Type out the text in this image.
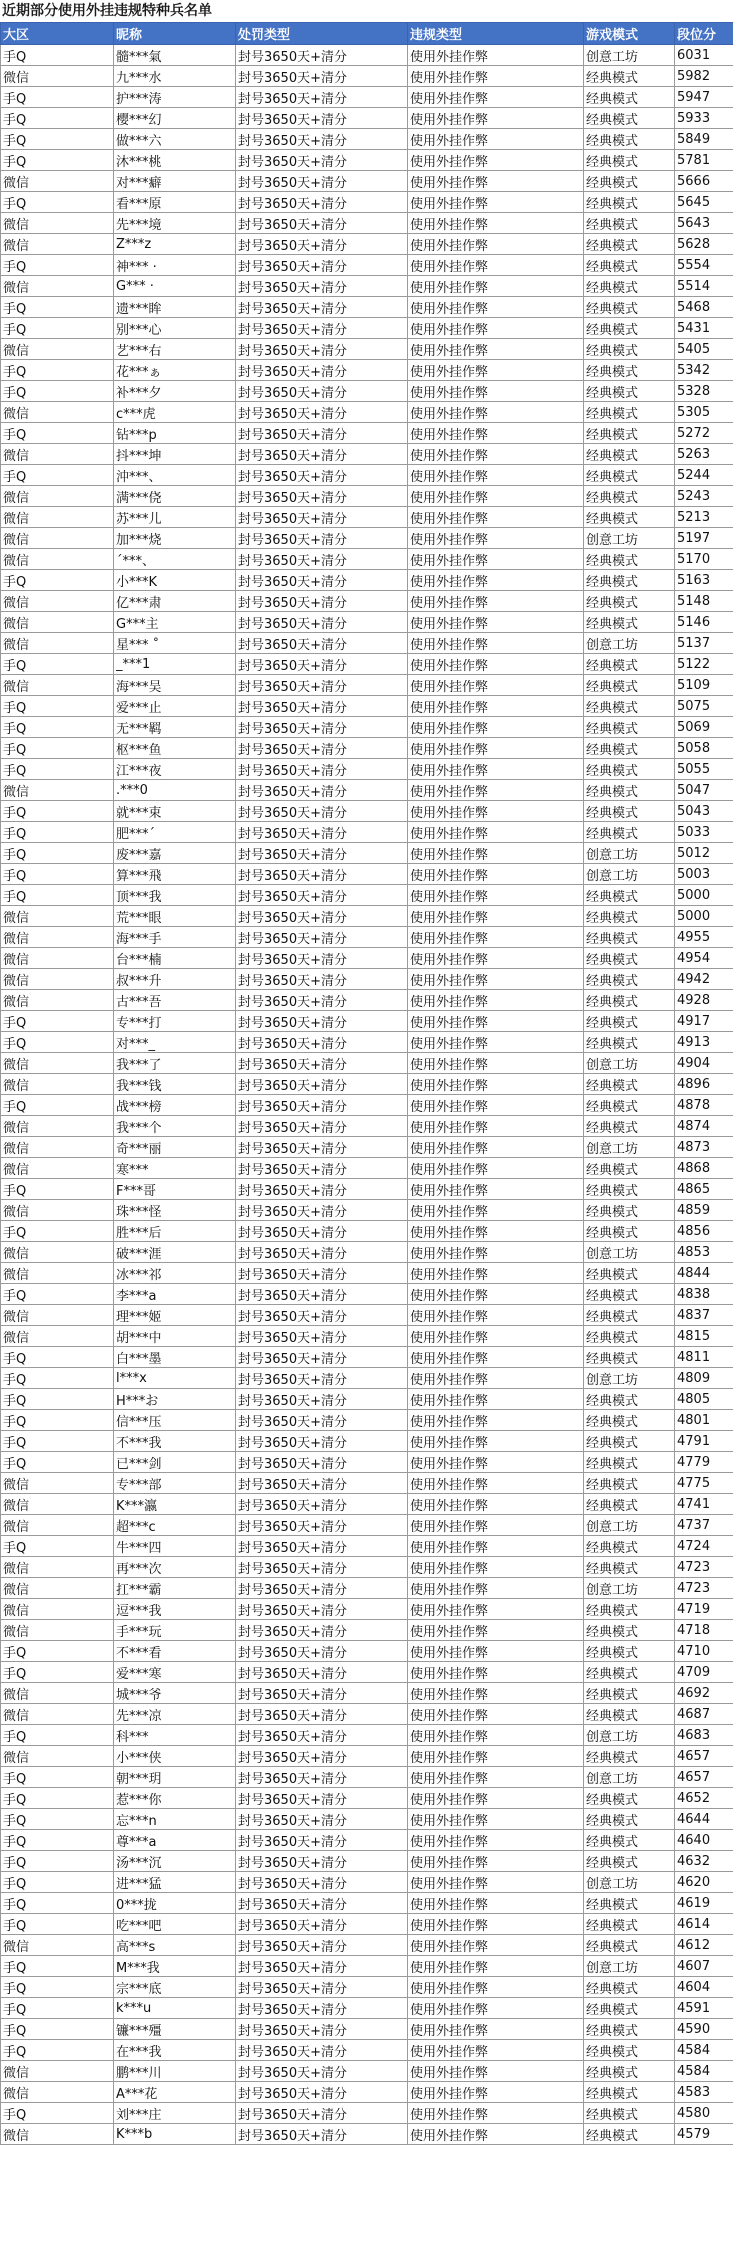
近期部分使用外挂违规特种兵名单
大区	昵称	处罚类型	违规类型	游戏模式	段位分
手Q	髓***氣	封号3650天+清分	使用外挂作弊	创意工坊	6031
微信	九***水	封号3650天+清分	使用外挂作弊	经典模式	5982
手Q	护***涛	封号3650天+清分	使用外挂作弊	经典模式	5947
手Q	樱***幻	封号3650天+清分	使用外挂作弊	经典模式	5933
手Q	做***六	封号3650天+清分	使用外挂作弊	经典模式	5849
手Q	沐***桃	封号3650天+清分	使用外挂作弊	经典模式	5781
微信	对***癖	封号3650天+清分	使用外挂作弊	经典模式	5666
手Q	看***原	封号3650天+清分	使用外挂作弊	经典模式	5645
微信	先***境	封号3650天+清分	使用外挂作弊	经典模式	5643
微信	Z***z	封号3650天+清分	使用外挂作弊	经典模式	5628
手Q	神*** ·	封号3650天+清分	使用外挂作弊	经典模式	5554
微信	G*** ·	封号3650天+清分	使用外挂作弊	经典模式	5514
手Q	遗***眸	封号3650天+清分	使用外挂作弊	经典模式	5468
手Q	别***心	封号3650天+清分	使用外挂作弊	经典模式	5431
微信	艺***右	封号3650天+清分	使用外挂作弊	经典模式	5405
手Q	花***ぁ	封号3650天+清分	使用外挂作弊	经典模式	5342
手Q	补***夕	封号3650天+清分	使用外挂作弊	经典模式	5328
微信	c***虎	封号3650天+清分	使用外挂作弊	经典模式	5305
手Q	钻***p	封号3650天+清分	使用外挂作弊	经典模式	5272
微信	抖***坤	封号3650天+清分	使用外挂作弊	经典模式	5263
手Q	沖***、	封号3650天+清分	使用外挂作弊	经典模式	5244
微信	满***侥	封号3650天+清分	使用外挂作弊	经典模式	5243
微信	苏***儿	封号3650天+清分	使用外挂作弊	经典模式	5213
微信	加***烧	封号3650天+清分	使用外挂作弊	创意工坊	5197
微信	ˊ***、	封号3650天+清分	使用外挂作弊	经典模式	5170
手Q	小***K	封号3650天+清分	使用外挂作弊	经典模式	5163
微信	亿***肃	封号3650天+清分	使用外挂作弊	经典模式	5148
微信	G***主	封号3650天+清分	使用外挂作弊	经典模式	5146
微信	星*** ˚	封号3650天+清分	使用外挂作弊	创意工坊	5137
手Q	_***1	封号3650天+清分	使用外挂作弊	经典模式	5122
微信	海***吴	封号3650天+清分	使用外挂作弊	经典模式	5109
手Q	爱***止	封号3650天+清分	使用外挂作弊	经典模式	5075
手Q	无***羁	封号3650天+清分	使用外挂作弊	经典模式	5069
手Q	枢***鱼	封号3650天+清分	使用外挂作弊	经典模式	5058
手Q	江***夜	封号3650天+清分	使用外挂作弊	经典模式	5055
微信	.***0	封号3650天+清分	使用外挂作弊	经典模式	5047
手Q	就***束	封号3650天+清分	使用外挂作弊	经典模式	5043
手Q	肥***ˊ	封号3650天+清分	使用外挂作弊	经典模式	5033
手Q	废***嘉	封号3650天+清分	使用外挂作弊	创意工坊	5012
手Q	算***飛	封号3650天+清分	使用外挂作弊	创意工坊	5003
手Q	顶***我	封号3650天+清分	使用外挂作弊	经典模式	5000
微信	荒***眼	封号3650天+清分	使用外挂作弊	经典模式	5000
微信	海***手	封号3650天+清分	使用外挂作弊	经典模式	4955
微信	台***楠	封号3650天+清分	使用外挂作弊	经典模式	4954
微信	叔***升	封号3650天+清分	使用外挂作弊	经典模式	4942
微信	古***吾	封号3650天+清分	使用外挂作弊	经典模式	4928
手Q	专***打	封号3650天+清分	使用外挂作弊	经典模式	4917
手Q	对***_	封号3650天+清分	使用外挂作弊	经典模式	4913
微信	我***了	封号3650天+清分	使用外挂作弊	创意工坊	4904
微信	我***钱	封号3650天+清分	使用外挂作弊	经典模式	4896
手Q	战***榜	封号3650天+清分	使用外挂作弊	经典模式	4878
微信	我***个	封号3650天+清分	使用外挂作弊	经典模式	4874
微信	奇***丽	封号3650天+清分	使用外挂作弊	创意工坊	4873
微信	寒***	封号3650天+清分	使用外挂作弊	经典模式	4868
手Q	F***哥	封号3650天+清分	使用外挂作弊	经典模式	4865
微信	珠***怪	封号3650天+清分	使用外挂作弊	经典模式	4859
手Q	胜***后	封号3650天+清分	使用外挂作弊	经典模式	4856
微信	破***涯	封号3650天+清分	使用外挂作弊	创意工坊	4853
微信	冰***祁	封号3650天+清分	使用外挂作弊	经典模式	4844
手Q	李***a	封号3650天+清分	使用外挂作弊	经典模式	4838
微信	理***姬	封号3650天+清分	使用外挂作弊	经典模式	4837
微信	胡***中	封号3650天+清分	使用外挂作弊	经典模式	4815
手Q	白***墨	封号3650天+清分	使用外挂作弊	经典模式	4811
手Q	l***x	封号3650天+清分	使用外挂作弊	创意工坊	4809
手Q	H***お	封号3650天+清分	使用外挂作弊	经典模式	4805
手Q	信***压	封号3650天+清分	使用外挂作弊	经典模式	4801
手Q	不***我	封号3650天+清分	使用外挂作弊	经典模式	4791
手Q	已***剑	封号3650天+清分	使用外挂作弊	经典模式	4779
微信	专***部	封号3650天+清分	使用外挂作弊	经典模式	4775
微信	K***瀛	封号3650天+清分	使用外挂作弊	经典模式	4741
微信	超***c	封号3650天+清分	使用外挂作弊	创意工坊	4737
手Q	牛***四	封号3650天+清分	使用外挂作弊	经典模式	4724
微信	再***次	封号3650天+清分	使用外挂作弊	经典模式	4723
微信	扛***霸	封号3650天+清分	使用外挂作弊	创意工坊	4723
微信	逗***我	封号3650天+清分	使用外挂作弊	经典模式	4719
微信	手***玩	封号3650天+清分	使用外挂作弊	经典模式	4718
手Q	不***看	封号3650天+清分	使用外挂作弊	经典模式	4710
手Q	爱***寒	封号3650天+清分	使用外挂作弊	经典模式	4709
微信	城***爷	封号3650天+清分	使用外挂作弊	经典模式	4692
微信	先***凉	封号3650天+清分	使用外挂作弊	经典模式	4687
手Q	科***	封号3650天+清分	使用外挂作弊	创意工坊	4683
微信	小***侠	封号3650天+清分	使用外挂作弊	经典模式	4657
手Q	朝***玥	封号3650天+清分	使用外挂作弊	创意工坊	4657
手Q	惹***你	封号3650天+清分	使用外挂作弊	经典模式	4652
手Q	忘***n	封号3650天+清分	使用外挂作弊	经典模式	4644
手Q	尊***a	封号3650天+清分	使用外挂作弊	经典模式	4640
手Q	汤***沉	封号3650天+清分	使用外挂作弊	经典模式	4632
手Q	进***猛	封号3650天+清分	使用外挂作弊	创意工坊	4620
手Q	0***拢	封号3650天+清分	使用外挂作弊	经典模式	4619
手Q	吃***吧	封号3650天+清分	使用外挂作弊	经典模式	4614
微信	高***s	封号3650天+清分	使用外挂作弊	经典模式	4612
手Q	M***我	封号3650天+清分	使用外挂作弊	创意工坊	4607
手Q	宗***底	封号3650天+清分	使用外挂作弊	经典模式	4604
手Q	k***u	封号3650天+清分	使用外挂作弊	经典模式	4591
手Q	镰***殭	封号3650天+清分	使用外挂作弊	经典模式	4590
手Q	在***我	封号3650天+清分	使用外挂作弊	经典模式	4584
微信	鹏***川	封号3650天+清分	使用外挂作弊	经典模式	4584
微信	A***花	封号3650天+清分	使用外挂作弊	经典模式	4583
手Q	刘***庄	封号3650天+清分	使用外挂作弊	经典模式	4580
微信	K***b	封号3650天+清分	使用外挂作弊	经典模式	4579
